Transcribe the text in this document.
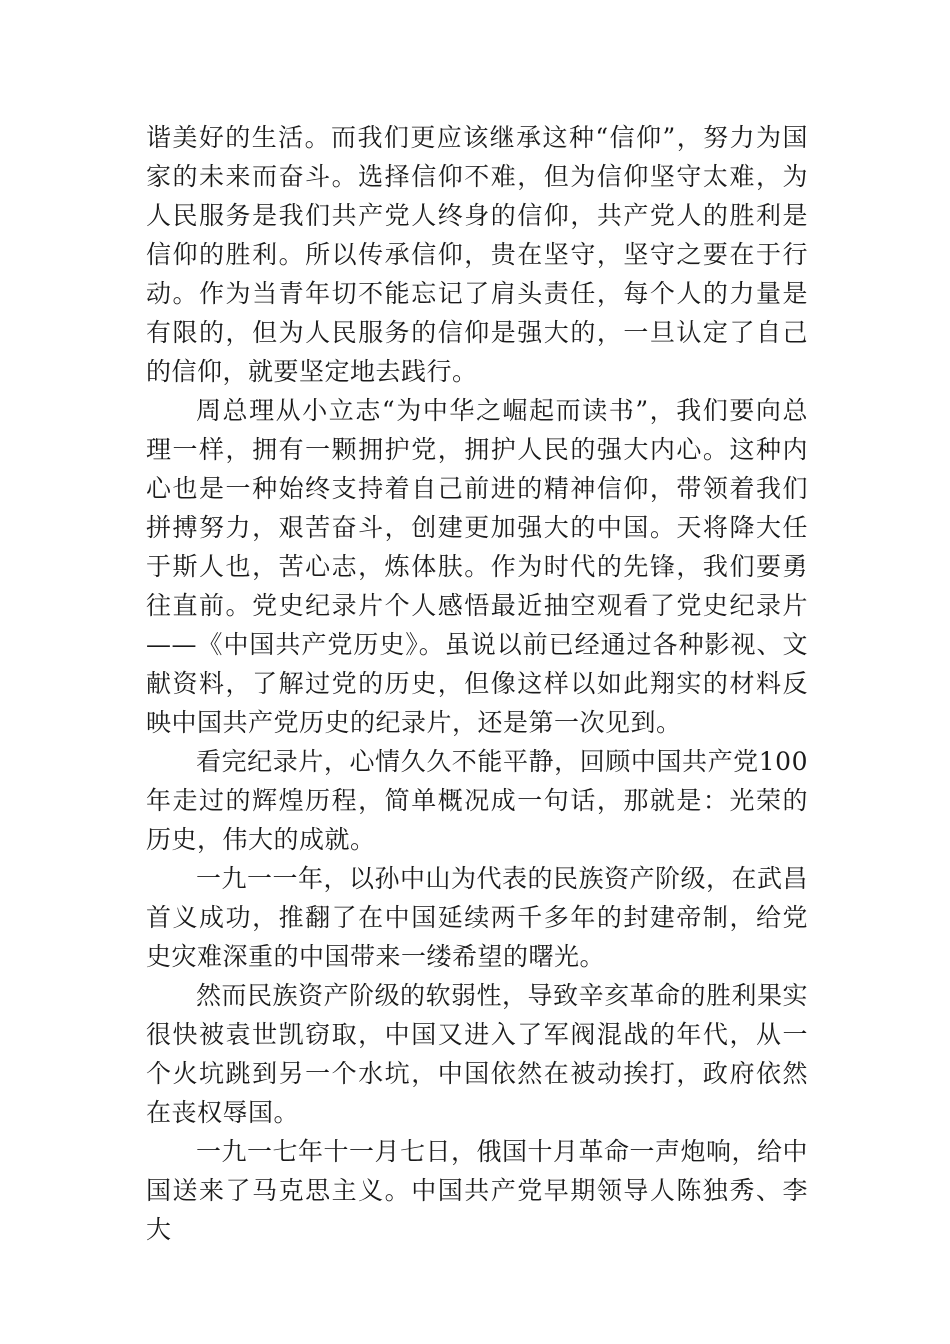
谐美好的生活。而我们更应该继承这种“信仰”，努力为国家的未来而奋斗。选择信仰不难，但为信仰坚守太难，为人民服务是我们共产党人终身的信仰，共产党人的胜利是信仰的胜利。所以传承信仰，贵在坚守，坚守之要在于行动。作为当青年切不能忘记了肩头责任，每个人的力量是有限的，但为人民服务的信仰是强大的，一旦认定了自己的信仰，就要坚定地去践行。

周总理从小立志“为中华之崛起而读书”，我们要向总理一样，拥有一颗拥护党，拥护人民的强大内心。这种内心也是一种始终支持着自己前进的精神信仰，带领着我们拼搏努力，艰苦奋斗，创建更加强大的中国。天将降大任于斯人也，苦心志，炼体肤。作为时代的先锋，我们要勇往直前。党史纪录片个人感悟最近抽空观看了党史纪录片——《中国共产党历史》。虽说以前已经通过各种影视、文献资料，了解过党的历史，但像这样以如此翔实的材料反映中国共产党历史的纪录片，还是第一次见到。

看完纪录片，心情久久不能平静，回顾中国共产党100年走过的辉煌历程，简单概况成一句话，那就是：光荣的历史，伟大的成就。

一九一一年，以孙中山为代表的民族资产阶级，在武昌首义成功，推翻了在中国延续两千多年的封建帝制，给党史灾难深重的中国带来一缕希望的曙光。

然而民族资产阶级的软弱性，导致辛亥革命的胜利果实很快被袁世凯窃取，中国又进入了军阀混战的年代，从一个火坑跳到另一个水坑，中国依然在被动挨打，政府依然在丧权辱国。

一九一七年十一月七日，俄国十月革命一声炮响，给中国送来了马克思主义。中国共产党早期领导人陈独秀、李大
